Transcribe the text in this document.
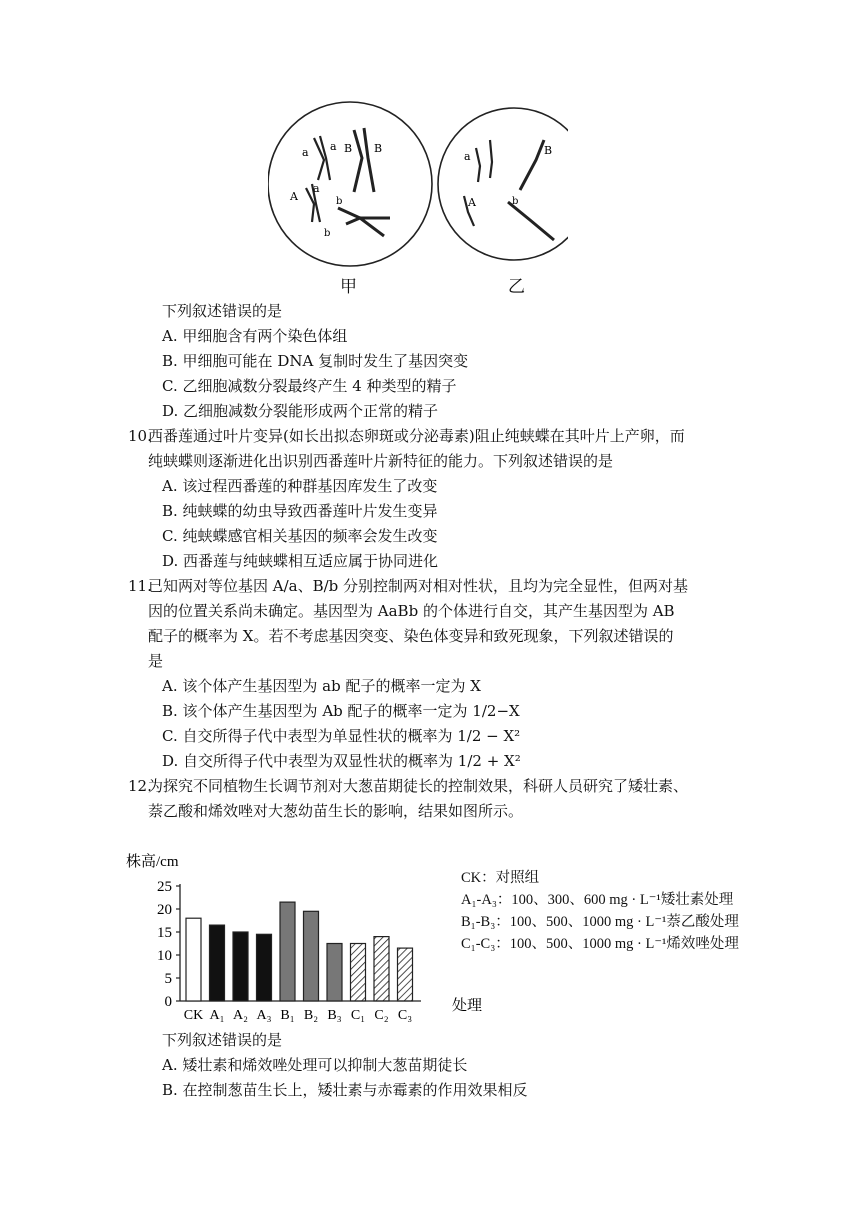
a a B B
A
a
b
b
a	B
A	b
甲	乙
下列叙述错误的是
A. 甲细胞含有两个染色体组
B. 甲细胞可能在 DNA 复制时发生了基因突变
C. 乙细胞减数分裂最终产生 4 种类型的精子
D. 乙细胞减数分裂能形成两个正常的精子
10.
西番莲通过叶片变异(如长出拟态卵斑或分泌毒素)阻止纯蛱蝶在其叶片上产卵，而
纯蛱蝶则逐渐进化出识别西番莲叶片新特征的能力。下列叙述错误的是
A. 该过程西番莲的种群基因库发生了改变
B. 纯蛱蝶的幼虫导致西番莲叶片发生变异
C. 纯蛱蝶感官相关基因的频率会发生改变
D. 西番莲与纯蛱蝶相互适应属于协同进化
11.
已知两对等位基因 A/a、B/b 分别控制两对相对性状，且均为完全显性，但两对基
因的位置关系尚未确定。基因型为 AaBb 的个体进行自交，其产生基因型为 AB
配子的概率为 X。若不考虑基因突变、染色体变异和致死现象，下列叙述错误的
是
A. 该个体产生基因型为 ab 配子的概率一定为 X
B. 该个体产生基因型为 Ab 配子的概率一定为 1/2−X
C. 自交所得子代中表型为单显性状的概率为 1/2 − X²
D. 自交所得子代中表型为双显性状的概率为 1/2 + X²
12.
为探究不同植物生长调节剂对大葱苗期徒长的控制效果，科研人员研究了矮壮素、
萘乙酸和烯效唑对大葱幼苗生长的影响，结果如图所示。
株高/cm
0
5
10
15
20
25
CK A₁ A₂ A₃ B₁ B₂ B₃ C₁ C₂ C₃
处理
CK：对照组
A₁-A₃：100、300、600 mg · L⁻¹矮壮素处理
B₁-B₃：100、500、1000 mg · L⁻¹萘乙酸处理
C₁-C₃：100、500、1000 mg · L⁻¹烯效唑处理
下列叙述错误的是
A. 矮壮素和烯效唑处理可以抑制大葱苗期徒长
B. 在控制葱苗生长上，矮壮素与赤霉素的作用效果相反
